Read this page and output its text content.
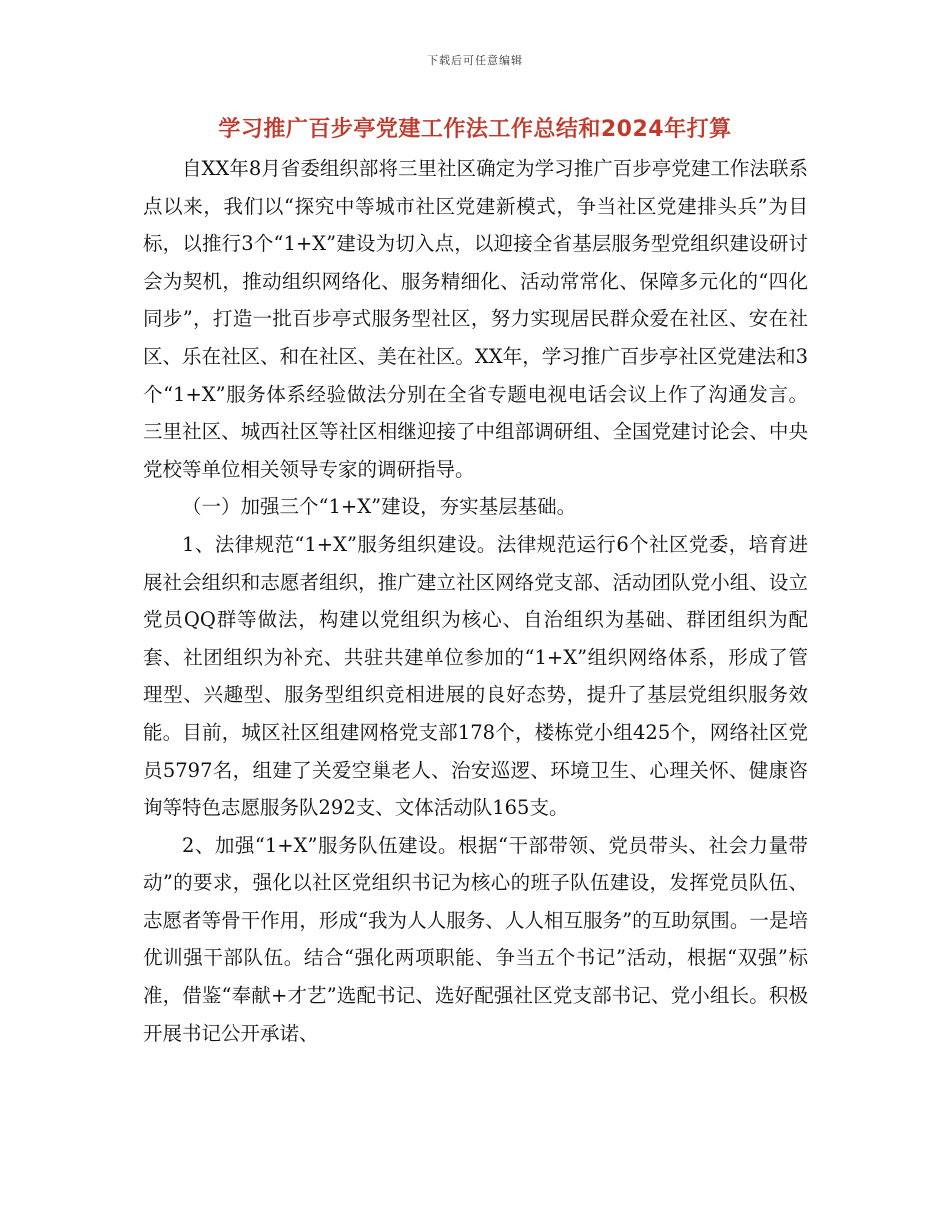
下载后可任意编辑
学习推广百步亭党建工作法工作总结和2024年打算

自XX年8月省委组织部将三里社区确定为学习推广百步亭党建工作法联系点以来，我们以“探究中等城市社区党建新模式，争当社区党建排头兵”为目标，以推行3个“1+X”建设为切入点，以迎接全省基层服务型党组织建设研讨会为契机，推动组织网络化、服务精细化、活动常常化、保障多元化的“四化同步”，打造一批百步亭式服务型社区，努力实现居民群众爱在社区、安在社区、乐在社区、和在社区、美在社区。XX年，学习推广百步亭社区党建法和3个“1+X”服务体系经验做法分别在全省专题电视电话会议上作了沟通发言。三里社区、城西社区等社区相继迎接了中组部调研组、全国党建讨论会、中央党校等单位相关领导专家的调研指导。

（一）加强三个“1+X”建设，夯实基层基础。

1、法律规范“1+X”服务组织建设。法律规范运行6个社区党委，培育进展社会组织和志愿者组织，推广建立社区网络党支部、活动团队党小组、设立党员QQ群等做法，构建以党组织为核心、自治组织为基础、群团组织为配套、社团组织为补充、共驻共建单位参加的“1+X”组织网络体系，形成了管理型、兴趣型、服务型组织竞相进展的良好态势，提升了基层党组织服务效能。目前，城区社区组建网格党支部178个，楼栋党小组425个，网络社区党员5797名，组建了关爱空巢老人、治安巡逻、环境卫生、心理关怀、健康咨询等特色志愿服务队292支、文体活动队165支。

2、加强“1+X”服务队伍建设。根据“干部带领、党员带头、社会力量带动”的要求，强化以社区党组织书记为核心的班子队伍建设，发挥党员队伍、志愿者等骨干作用，形成“我为人人服务、人人相互服务”的互助氛围。一是培优训强干部队伍。结合“强化两项职能、争当五个书记”活动，根据“双强”标准，借鉴“奉献+才艺”选配书记、选好配强社区党支部书记、党小组长。积极开展书记公开承诺、
